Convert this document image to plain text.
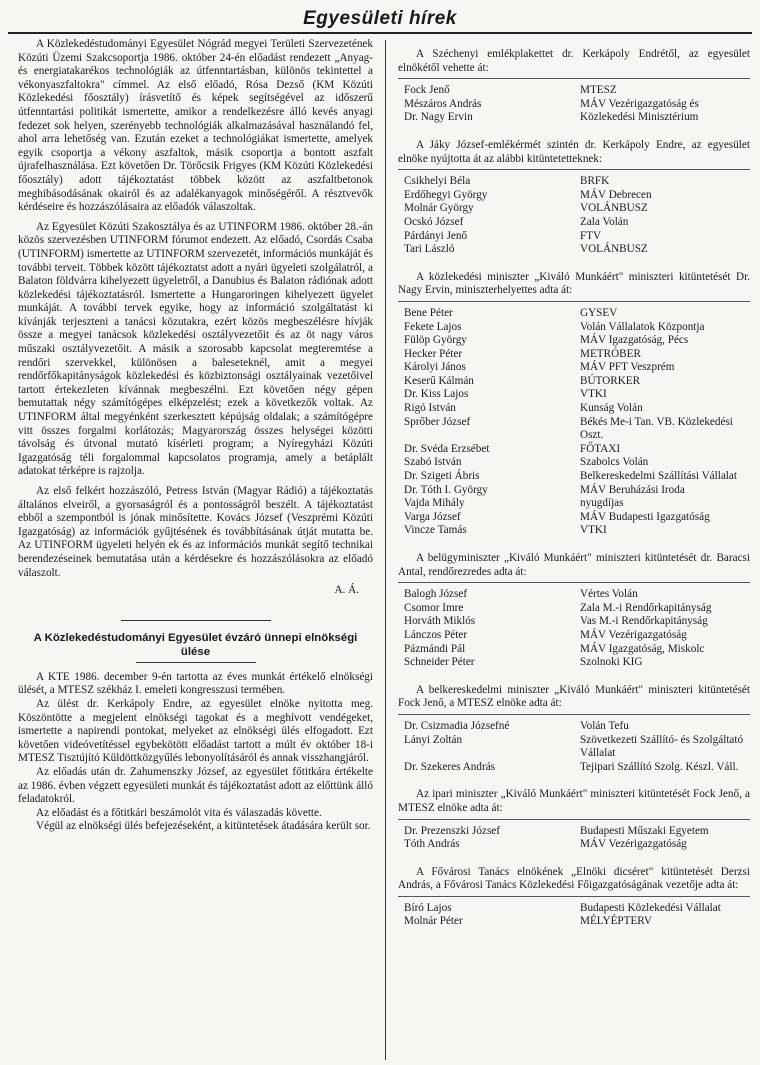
Egyesületi hírek

A Közlekedéstudományi Egyesület Nógrád megyei Területi Szervezetének Közúti Üzemi Szakcsoportja 1986. október 24-én előadást rendezett „Anyag- és energiatakarékos technológiák az útfenntartásban, különös tekintettel a vékonyaszfaltokra" címmel. Az első előadó, Rósa Dezső (KM Közúti Közlekedési főosztály) írásvetítő és képek segítségével az időszerű útfenntartási politikát ismertette, amikor a rendelkezésre álló kevés anyagi fedezet sok helyen, szerényebb technológiák alkalmazásával használandó fel, ahol arra lehetőség van. Ezután ezeket a technológiákat ismertette, amelyek egyik csoportja a vékony aszfaltok, másik csoportja a bontott aszfalt újrafelhasználása. Ezt követően Dr. Törőcsik Frigyes (KM Közúti Közlekedési főosztály) adott tájékoztatást többek között az aszfaltbetonok meghibásodásának okairól és az adalékanyagok minőségéről. A résztvevők kérdéseire és hozzászólásaira az előadók válaszoltak.

Az Egyesület Közúti Szakosztálya és az UTINFORM 1986. október 28.-án közös szervezésben UTINFORM fórumot endezett. Az előadó, Csordás Csaba (UTINFORM) ismertette az UTINFORM szervezetét, információs munkáját és további terveit. Többek között tájékoztatst adott a nyári ügyeleti szolgálatról, a Balaton földvárra kihelyezett ügyeletről, a Danubius és Balaton rádiónak adott közlekedési tájékoztatásról. Ismertette a Hungaroringen kihelyezett ügyelet munkáját. A további tervek egyike, hogy az információ szolgáltatást ki kívánják terjeszteni a tanácsi közutakra, ezért közös megbeszélésre hívják össze a megyei tanácsok közlekedési osztályvezetőit és az öt nagy város műszaki osztályvezetőit. A másik a szorosabb kapcsolat megteremtése a rendőri szervekkel, különösen a baleseteknél, amit a megyei rendőrfőkapitányságok közlekedési és közbiztonsági osztályainak vezetőivel tartott értekezleten kívánnak megbeszélni. Ezt követően négy gépen bemutattak négy számítógépes elképzelést; ezek a következők voltak. Az UTINFORM által megyénként szerkesztett képújság oldalak; a számítógépre vitt összes forgalmi korlátozás; Magyarország összes helységei közötti távolság és útvonal mutató kísérleti program; a Nyíregyházi Közúti Igazgatóság téli forgalommal kapcsolatos programja, amely a betáplált adatokat térképre is rajzolja.

Az első felkért hozzászóló, Petress István (Magyar Rádió) a tájékoztatás általános elveiről, a gyorsaságról és a pontosságról beszélt. A tájékoztatást ebből a szempontból is jónak minősítette. Kovács József (Veszprémi Közúti Igazgatóság) az információk gyűjtésének és továbbításának útját mutatta be. Az UTINFORM ügyeleti helyén ek és az információs munkát segítő technikai berendezéseinek bemutatása után a kérdésekre és hozzászólásokra az előadó válaszolt.

A. Á.
A Közlekedéstudományi Egyesület évzáró ünnepi elnökségi ülése

A KTE 1986. december 9-én tartotta az éves munkát értékelő elnökségi ülését, a MTESZ székház I. emeleti kongresszusi termében.

Az ülést dr. Kerkápoly Endre, az egyesület elnöke nyitotta meg. Köszöntötte a megjelent elnökségi tagokat és a meghívott vendégeket, ismertette a napirendi pontokat, melyeket az elnökségi ülés elfogadott. Ezt követően videóvetítéssel egybekötött előadást tartott a múlt év október 18-i MTESZ Tisztújító Küldöttközgyűlés lebonyolításáról és annak visszhangjáról.

Az előadás után dr. Zahumenszky József, az egyesület főtitkára értékelte az 1986. évben végzett egyesületi munkát és tájékoztatást adott az előttünk álló feladatokról.

Az előadást és a főtitkári beszámolót vita és válaszadás követte.

Végül az elnökségi ülés befejezéseként, a kitüntetések átadására került sor.

A Széchenyi emlékplakettet dr. Kerkápoly Endrétől, az egyesület elnökétől vehette át:

Fock Jenő	MTESZ
Mészáros András	MÁV Vezérigazgatóság és
Dr. Nagy Ervin	Közlekedési Minisztérium

A Jáky József-emlékérmét szintén dr. Kerkápoly Endre, az egyesület elnöke nyújtotta át az alábbi kitüntetetteknek:

Csikhelyi Béla	BRFK
Erdőhegyi György	MÁV Debrecen
Molnár György	VOLÁNBUSZ
Ocskó József	Zala Volán
Párdányi Jenő	FTV
Tari László	VOLÁNBUSZ

A közlekedési miniszter „Kiváló Munkáért" miniszteri kitüntetését Dr. Nagy Ervin, miniszterhelyettes adta át:

Bene Péter	GYSEV
Fekete Lajos	Volán Vállalatok Központja
Fülöp György	MÁV Igazgatóság, Pécs
Hecker Péter	METRÓBER
Károlyi János	MÁV PFT Veszprém
Keserű Kálmán	BÚTORKER
Dr. Kiss Lajos	VTKI
Rigó István	Kunság Volán
Sprőber József	Békés Me-i Tan. VB. Közlekedési Oszt.
Dr. Svéda Erzsébet	FŐTAXI
Szabó István	Szabolcs Volán
Dr. Szigeti Ábris	Belkereskedelmi Szállítási Vállalat
Dr. Tóth I. György	MÁV Beruházási Iroda
Vajda Mihály	nyugdíjas
Varga József	MÁV Budapesti Igazgatóság
Vincze Tamás	VTKI

A belügyminiszter „Kiváló Munkáért" miniszteri kitüntetését dr. Baracsi Antal, rendőrezredes adta át:

Balogh József	Vértes Volán
Csomor Imre	Zala M.-i Rendőrkapitányság
Horváth Miklós	Vas M.-i Rendőrkapitányság
Lánczos Péter	MÁV Vezérigazgatóság
Pázmándi Pál	MÁV Igazgatóság, Miskolc
Schneider Péter	Szolnoki KIG

A belkereskedelmi miniszter „Kiváló Munkáért" miniszteri kitüntetését Fock Jenő, a MTESZ elnöke adta át:

Dr. Csizmadia Józsefné	Volán Tefu
Lányi Zoltán	Szövetkezeti Szállító- és Szolgáltató Vállalat
Dr. Szekeres András	Tejipari Szállító Szolg. Készl. Váll.

Az ipari miniszter „Kiváló Munkáért" miniszteri kitüntetését Fock Jenő, a MTESZ elnöke adta át:

Dr. Prezenszki József	Budapesti Műszaki Egyetem
Tóth András	MÁV Vezérigazgatóság

A Fővárosi Tanács elnökének „Elnöki dicséret" kitüntetését Derzsi András, a Fővárosi Tanács Közlekedési Főigazgatóságának vezetője adta át:

Bíró Lajos	Budapesti Közlekedési Vállalat
Molnár Péter	MÉLYÉPTERV
